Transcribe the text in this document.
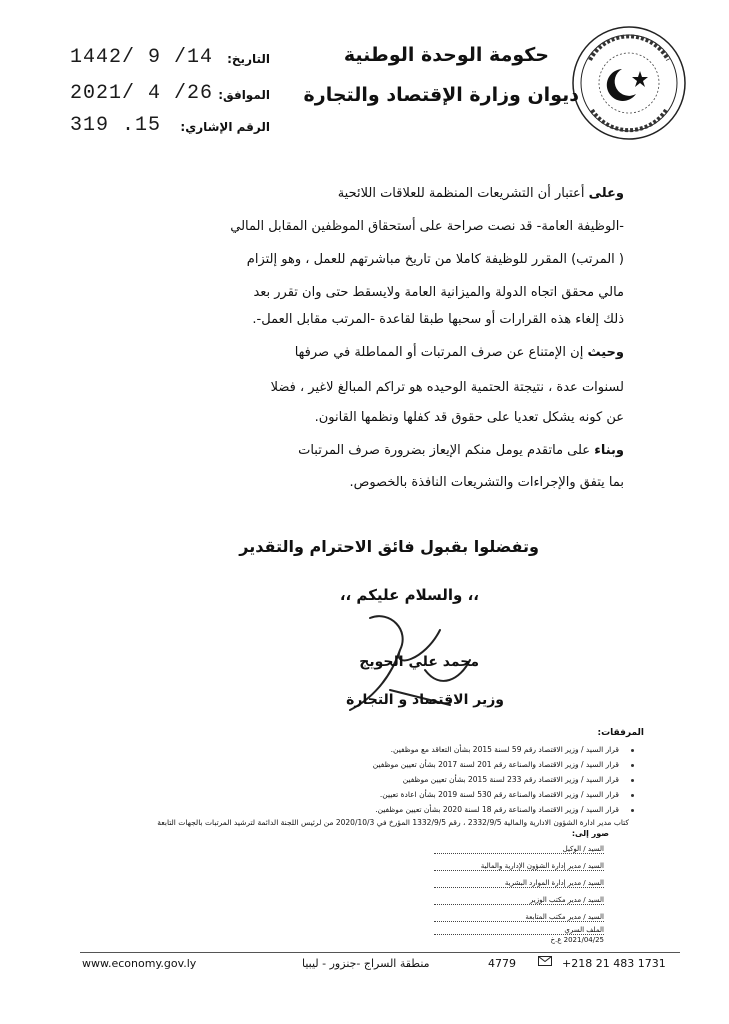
حكومة الوحدة الوطنية
ديوان وزارة الإقتصاد والتجارة
التاريخ:
1442/ 9 /14
الموافق:
2021/ 4 /26
الرقم الإشاري:
319 .15
وعلى أعتبار أن التشريعات المنظمة للعلاقات اللائحية
-الوظيفة العامة- قد نصت صراحة على أستحقاق الموظفين المقابل المالي
( المرتب) المقرر للوظيفة كاملا من تاريخ مباشرتهم للعمل ، وهو إلتزام
مالي محقق اتجاه الدولة والميزانية العامة ولايسقط حتى وان تقرر بعد
ذلك إلغاء هذه القرارات أو سحبها طبقا لقاعدة -المرتب مقابل العمل-.
وحيث إن الإمتناع عن صرف المرتبات أو المماطلة في صرفها
لسنوات عدة ، نتيجتة الحتمية الوحيده هو تراكم المبالغ لاغير ، فضلا
عن كونه يشكل تعديا على حقوق قد كفلها ونظمها القانون.
وبناء على ماتقدم يومل منكم الإيعاز بضرورة صرف المرتبات
بما يتفق والإجراءات والتشريعات النافذة بالخصوص.
وتفضلوا بقبول فائق الاحترام والتقدير
،، والسلام عليكم ،،
محمد علي الحويج
وزير الاقتصاد و التجارة
المرفقات:
قرار السيد / وزير الاقتصاد رقم 59 لسنة 2015 بشأن التعاقد مع موظفين.
قرار السيد / وزير الاقتصاد والصناعة رقم 201 لسنة 2017 بشأن تعيين موظفين
قرار السيد / وزير الاقتصاد رقم 233 لسنة 2015 بشأن تعيين موظفين
قرار السيد / وزير الاقتصاد والصناعة رقم 530 لسنة 2019 بشأن اعادة تعيين.
قرار السيد / وزير الاقتصاد والصناعة رقم 18 لسنة 2020 بشأن تعيين موظفين.
كتاب مدير ادارة الشؤون الادارية والمالية 2332/9/5 ، رقم 1332/9/5 المؤرخ في 2020/10/3 من لرئيس اللجنة الدائمة لترشيد المرتبات بالجهات التابعة
صور إلى:
السيد / الوكيل
السيد / مدير إدارة الشؤون الإدارية والمالية
السيد / مدير إدارة الموارد البشرية
السيد / مدير مكتب الوزير
السيد / مدير مكتب المتابعة
الملف السري
2021/04/25 ع.خ
www.economy.gov.ly	منطقة السراج -جنزور - ليبيا	4779	+218 21 483 1731
